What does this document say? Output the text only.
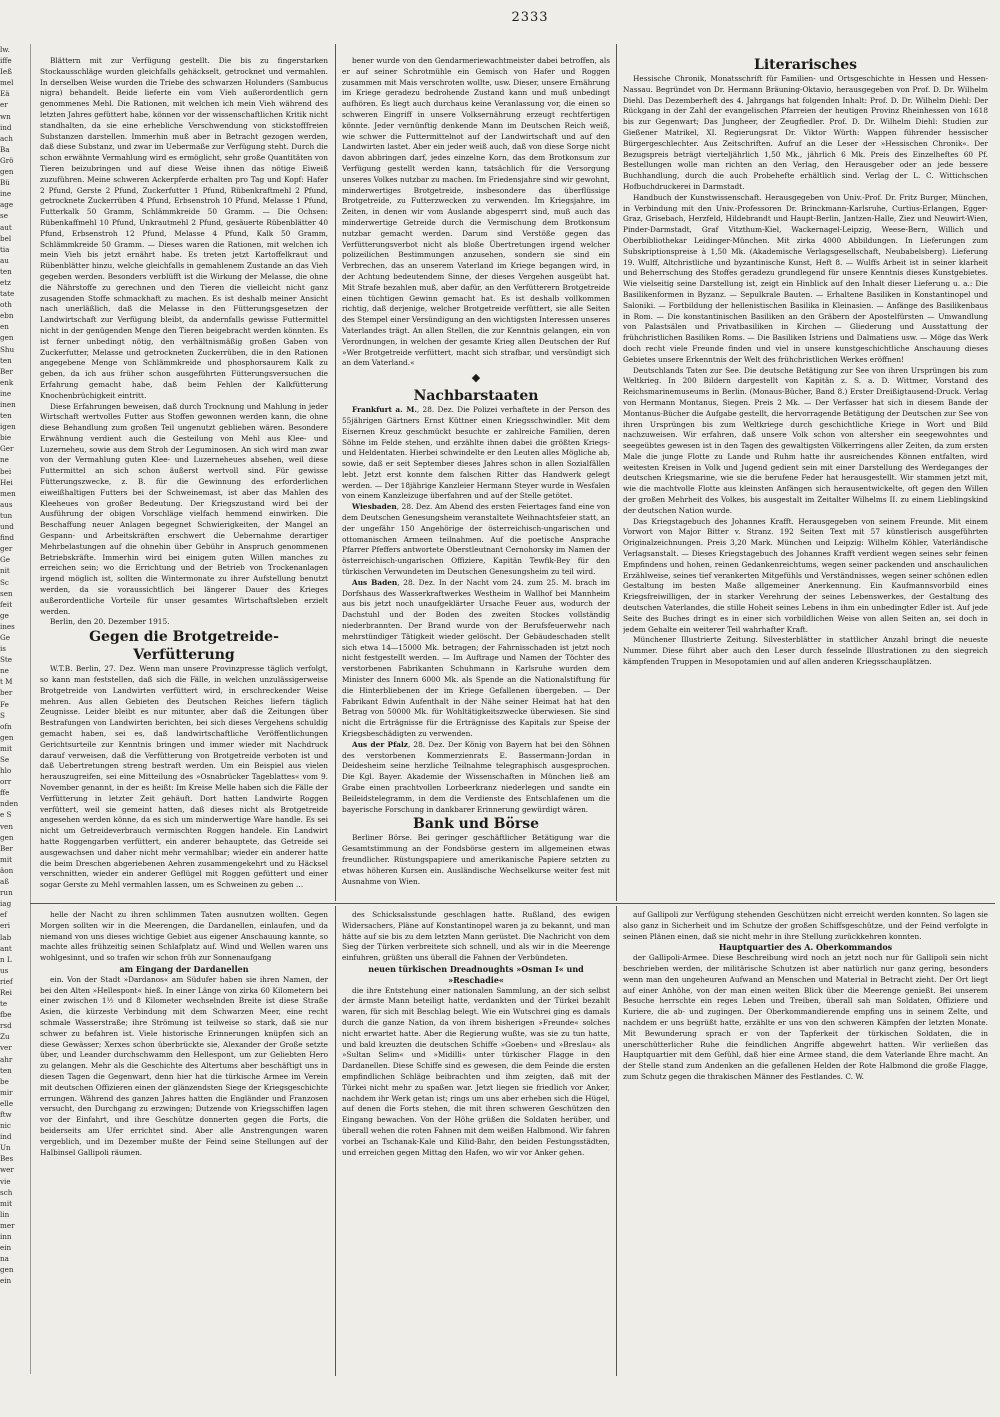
lw.
iffe
Ieß
mel
Eä
er
wn
ind
ach
Ba
Grö
gen
Bü
ine
age
se
aut
bel
tia
au
ten
etz
tate
oth
ebn
en
gen
Shu
ten
Ber
enk
ine
inen
ten
igen
bie
Ger
ne
bei
Hei
men
aus
tun
und
find
ger
Ge
nit
Sc
sen
feit
ge
ines
Ge
is
Ste
ne
t M
ber
Fe
S
ofn
gen
mit
Se
hlo
orr
ffe
nden
e S
ven
gen
Ber
mit
äon
aß
run
iag
ef
eri
lab
ant
n L
us
rief
Rei
te
fbe
rsd
Zu
ver
ahr
ten
be
mir
elle
ftw
nic
ind
Un
Bes
wer
vie
sch
mit
lin
mer
inn
ein
na
gen
ein
2333

Blättern mit zur Verfügung gestellt. Die bis zu fingerstarken Stockausschläge wurden gleichfalls gehäckselt, getrocknet und vermahlen. In derselben Weise wurden die Triebe des schwarzen Holunders (Sambucus nigra) behandelt. Beide lieferte ein vom Vieh außerordentlich gern genommenes Mehl. Die Rationen, mit welchen ich mein Vieh während des letzten Jahres gefüttert habe, können vor der wissenschaftlichen Kritik nicht standhalten, da sie eine erhebliche Verschwendung von stickstofffreien Substanzen darstellen. Immerhin muß aber in Betracht gezogen werden, daß diese Substanz, und zwar im Uebermaße zur Verfügung steht. Durch die schon erwähnte Vermahlung wird es ermöglicht, sehr große Quantitäten von Tieren beizubringen und auf diese Weise ihnen das nötige Eiweiß zuzuführen. Meine schweren Ackerpferde erhalten pro Tag und Kopf: Hafer 2 Pfund, Gerste 2 Pfund, Zuckerfutter 1 Pfund, Rübenkraftmehl 2 Pfund, getrocknete Zuckerrüben 4 Pfund, Erbsenstroh 10 Pfund, Melasse 1 Pfund, Futterkalk 50 Gramm, Schlämmkreide 50 Gramm. — Die Ochsen: Rübenkaffmehl 10 Pfund, Unkrautmehl 2 Pfund, gesäuerte Rübenblätter 40 Pfund, Erbsenstroh 12 Pfund, Melasse 4 Pfund, Kalk 50 Gramm, Schlämmkreide 50 Gramm. — Dieses waren die Rationen, mit welchen ich mein Vieh bis jetzt ernährt habe. Es treten jetzt Kartoffelkraut und Rübenblätter hinzu, welche gleichfalls in gemahlenem Zustande an das Vieh gegeben werden. Besonders verblüfft ist die Wirkung der Melasse, die ohne die Nährstoffe zu gerechnen und den Tieren die vielleicht nicht ganz zusagenden Stoffe schmackhaft zu machen. Es ist deshalb meiner Ansicht nach unerläßlich, daß die Melasse in den Fütterungsgesetzen der Landwirtschaft zur Verfügung bleibt, da andernfalls gewisse Futtermittel nicht in der genügenden Menge den Tieren beigebracht werden könnten. Es ist ferner unbedingt nötig, den verhältnismäßig großen Gaben von Zuckerfutter, Melasse und getrockneten Zuckerrüben, die in den Rationen angegebene Menge von Schlämmkreide und phosphorsaurem Kalk zu geben, da ich aus früher schon ausgeführten Fütterungsversuchen die Erfahrung gemacht habe, daß beim Fehlen der Kalkfütterung Knochenbrüchigkeit eintritt.

Diese Erfahrungen beweisen, daß durch Trocknung und Mahlung in jeder Wirtschaft wertvolles Futter aus Stoffen gewonnen werden kann, die ohne diese Behandlung zum großen Teil ungenutzt geblieben wären. Besondere Erwähnung verdient auch die Gesteilung von Mehl aus Klee- und Luzerneheu, sowie aus dem Stroh der Leguminosen. An sich wird man zwar von der Vermahlung guten Klee- und Luzerneheues absehen, weil diese Futtermittel an sich schon äußerst wertvoll sind. Für gewisse Fütterungszwecke, z. B. für die Gewinnung des erforderlichen eiweißhaltigen Futters bei der Schweinemast, ist aber das Mahlen des Kleeheues von großer Bedeutung. Der Kriegszustand wird bei der Ausführung der obigen Vorschläge vielfach hemmend einwirken. Die Beschaffung neuer Anlagen begegnet Schwierigkeiten, der Mangel an Gespann- und Arbeitskräften erschwert die Uebernahme derartiger Mehrbelastungen auf die ohnehin über Gebühr in Anspruch genommenen Betriebskräfte. Immerhin wird bei einigem guten Willen manches zu erreichen sein; wo die Errichtung und der Betrieb von Trockenanlagen irgend möglich ist, sollten die Wintermonate zu ihrer Aufstellung benutzt werden, da sie voraussichtlich bei längerer Dauer des Krieges außerordentliche Vorteile für unser gesamtes Wirtschaftsleben erzielt werden.

Berlin, den 20. Dezember 1915.

Gegen die Brotgetreide-Verfütterung

W.T.B. Berlin, 27. Dez. Wenn man unsere Provinzpresse täglich verfolgt, so kann man feststellen, daß sich die Fälle, in welchen unzulässigerweise Brotgetreide von Landwirten verfüttert wird, in erschreckender Weise mehren. Aus allen Gebieten des Deutschen Reiches liefern täglich Zeugnisse. Leider bleibt es nur mitunter, aber daß die Zeitungen über Bestrafungen von Landwirten berichten, bei sich dieses Vergehens schuldig gemacht haben, sei es, daß landwirtschaftliche Veröffentlichungen Gerichtsurteile zur Kenntnis bringen und immer wieder mit Nachdruck darauf verweisen, daß die Verfütterung von Brotgetreide verboten ist und daß Uebertretungen streng bestraft werden. Um ein Beispiel aus vielen herauszugreifen, sei eine Mitteilung des »Osnabrücker Tageblattes« vom 9. November genannt, in der es heißt: Im Kreise Melle haben sich die Fälle der Verfütterung in letzter Zeit gehäuft. Dort hatten Landwirte Roggen verfüttert, weil sie gemeint hatten, daß dieses nicht als Brotgetreide angesehen werden könne, da es sich um minderwertige Ware handle. Es sei nicht um Getreideverbrauch vermischten Roggen handele. Ein Landwirt hatte Roggengarben verfüttert, ein anderer behauptete, das Getreide sei ausgewachsen und daher nicht mehr vermahlbar; wieder ein anderer hatte die beim Dreschen abgeriebenen Aehren zusammengekehrt und zu Häcksel verschnitten, wieder ein anderer Geflügel mit Roggen gefüttert und einer sogar Gerste zu Mehl vermahlen lassen, um es Schweinen zu geben …

bener wurde von den Gendarmeriewachtmeister dabei betroffen, als er auf seiner Schrotmühle ein Gemisch von Hafer und Roggen zusammen mit Mais verschroten wollte, usw. Dieser, unsere Ernährung im Kriege geradezu bedrohende Zustand kann und muß unbedingt aufhören. Es liegt auch durchaus keine Veranlassung vor, die einen so schweren Eingriff in unsere Volksernährung erzeugt rechtfertigen könnte. Jeder vernünftig denkende Mann im Deutschen Reich weiß, wie schwer die Futtermittelnot auf der Landwirtschaft und auf den Landwirten lastet. Aber ein jeder weiß auch, daß von diese Sorge nicht davon abbringen darf, jedes einzelne Korn, das dem Brotkonsum zur Verfügung gestellt werden kann, tatsächlich für die Versorgung unseres Volkes nutzbar zu machen. Im Friedensjahre sind wir gewohnt, minderwertiges Brotgetreide, insbesondere das überflüssige Brotgetreide, zu Futterzwecken zu verwenden. Im Kriegsjahre, im Zeiten, in denen wir vom Auslande abgesperrt sind, muß auch das minderwertige Getreide durch die Vermischung dem Brotkonsum nutzbar gemacht werden. Darum sind Verstöße gegen das Verfütterungsverbot nicht als bloße Übertretungen irgend welcher polizeilichen Bestimmungen anzusehen, sondern sie sind ein Verbrechen, das an unserem Vaterland im Kriege begangen wird, in der Achtung bedeutendem Sinne, der dieses Vergehen ausgeübt hat. Mit Strafe bezahlen muß, aber dafür, an den Verfütterern Brotgetreide einen tüchtigen Gewinn gemacht hat. Es ist deshalb vollkommen richtig, daß derjenige, welcher Brotgetreide verfüttert, sie alle Seiten des Stempel einer Versündigung an den wichtigsten Interessen unseres Vaterlandes trägt. An allen Stellen, die zur Kenntnis gelangen, ein von Verordnungen, in welchen der gesamte Krieg allen Deutschen der Ruf »Wer Brotgetreide verfüttert, macht sich strafbar, und versündigt sich an dem Vaterland.«

◆

Nachbarstaaten

Frankfurt a. M., 28. Dez. Die Polizei verhaftete in der Person des 55jährigen Gärtners Ernst Küttner einen Kriegsschwindler. Mit dem Eisernen Kreuz geschmückt besuchte er zahlreiche Familien, deren Söhne im Felde stehen, und erzählte ihnen dabei die größten Kriegs- und Heldentaten. Hierbei schwindelte er den Leuten alles Mögliche ab, sowie, daß er seit September dieses Jahres schon in allen Sozialfällen lebt. Jetzt erst konnte dem falschen Ritter das Handwerk gelegt werden. — Der 18jährige Kanzleier Hermann Steyer wurde in Wesfalen von einem Kanzleizuge überfahren und auf der Stelle getötet.

Wiesbaden, 28. Dez. Am Abend des ersten Feiertages fand eine von dem Deutschen Genesungsheim veranstaltete Weihnachtsfeier statt, an der ungefähr 150 Angehörige der österreichisch-ungarischen und ottomanischen Armeen teilnahmen. Auf die poetische Ansprache Pfarrer Pfeffers antwortete Oberstleutnant Cernohorsky im Namen der österreichisch-ungarischen Offiziere, Kapitän Tewfik-Bey für den türkischen Verwundeten im Deutschen Genesungsheim zu teil wird.

Aus Baden, 28. Dez. In der Nacht vom 24. zum 25. M. brach im Dorfshaus des Wasserkraftwerkes Westheim in Wallhof bei Mannheim aus bis jetzt noch unaufgeklärter Ursache Feuer aus, wodurch der Dachstuhl und der Boden des zweiten Stockes vollständig niederbrannten. Der Brand wurde von der Berufsfeuerwehr nach mehrstündiger Tätigkeit wieder gelöscht. Der Gebäudeschaden stellt sich etwa 14—15000 Mk. betragen; der Fahrnisschaden ist jetzt noch nicht festgestellt werden. — Im Auftrage und Namen der Töchter des verstorbenen Fabrikanten Schuhmann in Karlsruhe wurden dem Minister des Innern 6000 Mk. als Spende an die Nationalstiftung für die Hinterbliebenen der im Kriege Gefallenen übergeben. — Der Fabrikant Edwin Aufenthalt in der Nähe seiner Heimat hat hat den Betrag von 50000 Mk. für Wohltätigkeitszwecke überwiesen. Sie sind nicht die Erträgnisse für die Erträgnisse des Kapitals zur Speise der Kriegsbeschädigten zu verwenden.

Aus der Pfalz, 28. Dez. Der König von Bayern hat bei den Söhnen des verstorbenen Kommerzienrats E. Bassermann-Jordan in Deidesheim seine herzliche Teilnahme telegraphisch ausgesprochen. Die Kgl. Bayer. Akademie der Wissenschaften in München ließ am Grabe einen prachtvollen Lorbeerkranz niederlegen und sandte ein Beileidstelegramm, in dem die Verdienste des Entschlafenen um die bayerische Forschung in dankbarer Erinnerung gewürdigt wären.

Bank und Börse

Berliner Börse. Bei geringer geschäftlicher Betätigung war die Gesamtstimmung an der Fondsbörse gestern im allgemeinen etwas freundlicher. Rüstungspapiere und amerikanische Papiere setzten zu etwas höheren Kursen ein. Ausländische Wechselkurse weiter fest mit Ausnahme von Wien.

Literarisches

Hessische Chronik, Monatsschrift für Familien- und Ortsgeschichte in Hessen und Hessen-Nassau. Begründet von Dr. Hermann Bräuning-Oktavio, herausgegeben von Prof. D. Dr. Wilhelm Diehl. Das Dezemberheft des 4. Jahrgangs hat folgenden Inhalt: Prof. D. Dr. Wilhelm Diehl: Der Rückgang in der Zahl der evangelischen Pfarreien der heutigen Provinz Rheinhessen von 1618 bis zur Gegenwart; Das Jungheer, der Zeugfiedler. Prof. D. Dr. Wilhelm Diehl: Studien zur Gießener Matrikel, XI. Regierungsrat Dr. Viktor Würth: Wappen führender hessischer Bürgergeschlechter. Aus Zeitschriften. Aufruf an die Leser der »Hessischen Chronik«. Der Bezugspreis beträgt vierteljährlich 1,50 Mk., jährlich 6 Mk. Preis des Einzelheftes 60 Pf. Bestellungen wolle man richten an den Verlag, den Herausgeber oder an jede bessere Buchhandlung, durch die auch Probehefte erhältlich sind. Verlag der L. C. Wittichschen Hofbuchdruckerei in Darmstadt.

Handbuch der Kunstwissenschaft. Herausgegeben von Univ.-Prof. Dr. Fritz Burger, München, in Verbindung mit den Univ.-Professoren Dr. Brinckmann-Karlsruhe, Curtius-Erlangen, Egger-Graz, Grisebach, Herzfeld, Hildebrandt und Haupt-Berlin, Jantzen-Halle, Ziez und Neuwirt-Wien, Pinder-Darmstadt, Graf Vitzthum-Kiel, Wackernagel-Leipzig, Weese-Bern, Willich und Oberbibliothekar Leidinger-München. Mit zirka 4000 Abbildungen. In Lieferungen zum Subskriptionspreise à 1,50 Mk. (Akademische Verlagsgesellschaft, Neubabelsberg). Lieferung 19. Wulff, Altchristliche und byzantinische Kunst, Heft 8. — Wulffs Arbeit ist in seiner klarheit und Beherrschung des Stoffes geradezu grundlegend für unsere Kenntnis dieses Kunstgebietes. Wie vielseitig seine Darstellung ist, zeigt ein Hinblick auf den Inhalt dieser Lieferung u. a.: Die Basilikenformen in Byzanz. — Sepulkrale Bauten. — Erhaltene Basiliken in Konstantinopel und Saloniki. — Fortbildung der hellenistischen Basilika in Kleinasien. — Anfänge des Basilikenbaus in Rom. — Die konstantinischen Basiliken an den Gräbern der Apostelfürsten — Umwandlung von Palastsälen und Privatbasiliken in Kirchen — Gliederung und Ausstattung der frühchristlichen Basiliken Roms. — Die Basiliken Istriens und Dalmatiens usw. — Möge das Werk doch recht viele Freunde finden und viel in unsere kunstgeschichtliche Anschauung dieses Gebietes unsere Erkenntnis der Welt des frühchristlichen Werkes eröffnen!

Deutschlands Taten zur See. Die deutsche Betätigung zur See von ihren Ursprüngen bis zum Weltkrieg. In 200 Bildern dargestellt von Kapitän z. S. a. D. Wittmer, Vorstand des Reichsmarinemuseums in Berlin. (Monaus-Bücher, Band 8.) Erster Dreißigtausend-Druck. Verlag von Hermann Montanus, Siegen. Preis 2 Mk. — Der Verfasser hat sich in diesem Bande der Montanus-Bücher die Aufgabe gestellt, die hervorragende Betätigung der Deutschen zur See von ihren Ursprüngen bis zum Weltkriege durch geschichtliche Kriege in Wort und Bild nachzuweisen. Wir erfahren, daß unsere Volk schon von altersher ein seegewohntes und seegeübtes gewesen ist in den Tagen des gewaltigsten Völkerringens aller Zeiten, da zum ersten Male die junge Flotte zu Lande und Ruhm hatte ihr ausreichendes Können entfalten, wird weitesten Kreisen in Volk und Jugend gedient sein mit einer Darstellung des Werdeganges der deutschen Kriegsmarine, wie sie die berufene Feder hat herausgestellt. Wir stammen jetzt mit, wie die machtvolle Flotte aus kleinsten Anfängen sich herausentwickelte, oft gegen den Willen der großen Mehrheit des Volkes, bis ausgestalt im Zeitalter Wilhelms II. zu einem Lieblingskind der deutschen Nation wurde.

Das Kriegstagebuch des Johannes Krafft. Herausgegeben von seinem Freunde. Mit einem Vorwort von Major Bitter v. Stranz. 192 Seiten Text mit 57 künstlerisch ausgeführten Originalzeichnungen. Preis 3,20 Mark. München und Leipzig: Wilhelm Köhler, Vaterländische Verlagsanstalt. — Dieses Kriegstagebuch des Johannes Krafft verdient wegen seines sehr feinen Empfindens und hohen, reinen Gedankenreichtums, wegen seiner packenden und anschaulichen Erzählweise, seines tief verankerten Mitgefühls und Verständnisses, wegen seiner schönen edlen Gestaltung im besten Maße allgemeiner Anerkennung. Ein Kaufmannsvorbild eines Kriegsfreiwilligen, der in starker Verehrung der seines Lebenswerkes, der Gestaltung des deutschen Vaterlandes, die stille Hoheit seines Lebens in ihm ein unbedingter Edler ist. Auf jede Seite des Buches dringt es in einer sich vorbildlichen Weise von allen Seiten an, sei doch in jedem Gehalte ein weiterer Teil wahrhafter Kraft.

Münchener Illustrierte Zeitung. Silvesterblätter in stattlicher Anzahl bringt die neueste Nummer. Diese führt aber auch den Leser durch fesselnde Illustrationen zu den siegreich kämpfenden Truppen in Mesopotamien und auf allen anderen Kriegsschauplätzen.

helle der Nacht zu ihren schlimmen Taten ausnutzen wollten. Gegen Morgen sollten wir in die Meerengen, die Dardanellen, einlaufen, und da niemand von uns dieses wichtige Gebiet aus eigener Anschauung kannte, so machte alles frühzeitig seinen Schlafplatz auf. Wind und Wellen waren uns wohlgesinnt, und so trafen wir schon früh zur Sonnenaufgang

am Eingang der Dardanellen

ein. Von der Stadt »Dardanos« am Südufer haben sie ihren Namen, der bei den Alten »Hellespont« hieß. In einer Länge von zirka 60 Kilometern bei einer zwischen 1½ und 8 Kilometer wechselnden Breite ist diese Straße Asien, die kürzeste Verbindung mit dem Schwarzen Meer, eine recht schmale Wasserstraße; ihre Strömung ist teilweise so stark, daß sie nur schwer zu befahren ist. Viele historische Erinnerungen knüpfen sich an diese Gewässer; Xerxes schon überbrückte sie, Alexander der Große setzte über, und Leander durchschwamm den Hellespont, um zur Geliebten Hero zu gelangen. Mehr als die Geschichte des Altertums aber beschäftigt uns in diesen Tagen die Gegenwart, denn hier hat die türkische Armee im Verein mit deutschen Offizieren einen der glänzendsten Siege der Kriegsgeschichte errungen. Während des ganzen Jahres hatten die Engländer und Franzosen versucht, den Durchgang zu erzwingen; Dutzende von Kriegsschiffen lagen vor der Einfahrt, und ihre Geschütze donnerten gegen die Forts, die beiderseits am Ufer errichtet sind. Aber alle Anstrengungen waren vergeblich, und im Dezember mußte der Feind seine Stellungen auf der Halbinsel Gallipoli räumen.

des Schicksalsstunde geschlagen hatte. Rußland, des ewigen Widersachers, Pläne auf Konstantinopel waren ja zu bekannt, und man hätte auf sie bis zu dem letzten Mann gerüstet. Die Nachricht von dem Sieg der Türken verbreitete sich schnell, und als wir in die Meerenge einfuhren, grüßten uns überall die Fahnen der Verbündeten.

neuen türkischen Dreadnoughts »Osman I« und »Reschadie«

die ihre Entstehung einer nationalen Sammlung, an der sich selbst der ärmste Mann beteiligt hatte, verdankten und der Türkei bezahlt waren, für sich mit Beschlag belegt. Wie ein Wutschrei ging es damals durch die ganze Nation, da von ihrem bisherigen »Freunde« solches nicht erwartet hatte. Aber die Regierung wußte, was sie zu tun hatte, und bald kreuzten die deutschen Schiffe »Goeben« und »Breslau« als »Sultan Selim« und »Midilli« unter türkischer Flagge in den Dardanellen. Diese Schiffe sind es gewesen, die dem Feinde die ersten empfindlichen Schläge beibrachten und ihm zeigten, daß mit der Türkei nicht mehr zu spaßen war. Jetzt liegen sie friedlich vor Anker, nachdem ihr Werk getan ist; rings um uns aber erheben sich die Hügel, auf denen die Forts stehen, die mit ihren schweren Geschützen den Eingang bewachen. Von der Höhe grüßen die Soldaten herüber, und überall wehen die roten Fahnen mit dem weißen Halbmond. Wir fahren vorbei an Tschanak-Kale und Kilid-Bahr, den beiden Festungsstädten, und erreichen gegen Mittag den Hafen, wo wir vor Anker gehen.

auf Gallipoli zur Verfügung stehenden Geschützen nicht erreicht werden konnten. So lagen sie also ganz in Sicherheit und im Schutze der großen Schiffsgeschütze, und der Feind verfolgte in seinen Plänen einen, daß sie nicht mehr in ihre Stellung zurückkehren konnten.

Hauptquartier des A. Oberkommandos

der Gallipoli-Armee. Diese Beschreibung wird noch an jetzt noch nur für Gallipoli sein nicht beschrieben werden, der militärische Schutzen ist aber natürlich nur ganz gering, besonders wenn man den ungeheuren Aufwand an Menschen und Material in Betracht zieht. Der Ort liegt auf einer Anhöhe, von der man einen weiten Blick über die Meerenge genießt. Bei unserem Besuche herrschte ein reges Leben und Treiben, überall sah man Soldaten, Offiziere und Kuriere, die ab- und zugingen. Der Oberkommandierende empfing uns in seinem Zelte, und nachdem er uns begrüßt hatte, erzählte er uns von den schweren Kämpfen der letzten Monate. Mit Bewunderung sprach er von der Tapferkeit der türkischen Soldaten, die in unerschütterlicher Ruhe die feindlichen Angriffe abgewehrt hatten. Wir verließen das Hauptquartier mit dem Gefühl, daß hier eine Armee stand, die dem Vaterlande Ehre macht. An der Stelle stand zum Andenken an die gefallenen Helden der Rote Halbmond die große Flagge, zum Schutz gegen die thrakischen Männer des Festlandes. C. W.
